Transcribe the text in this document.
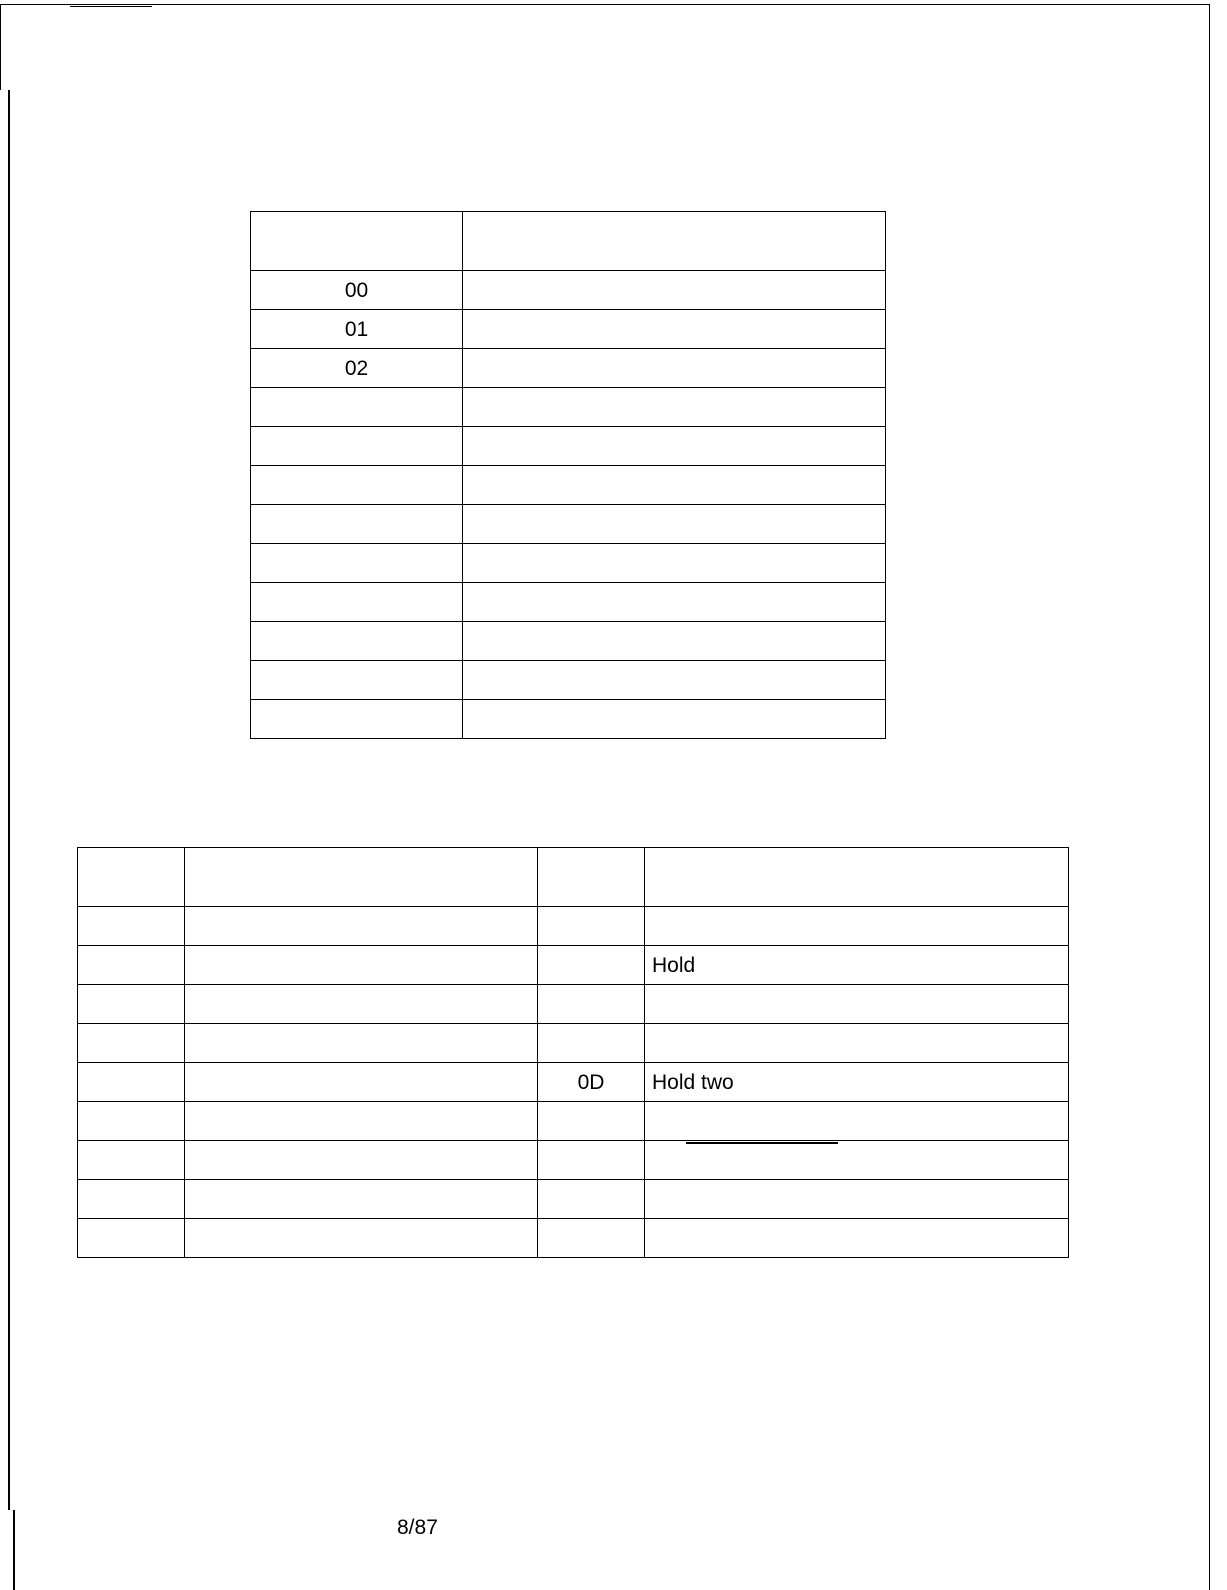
00	
01	
02	

			Hold

		0D	Hold two

8/87
